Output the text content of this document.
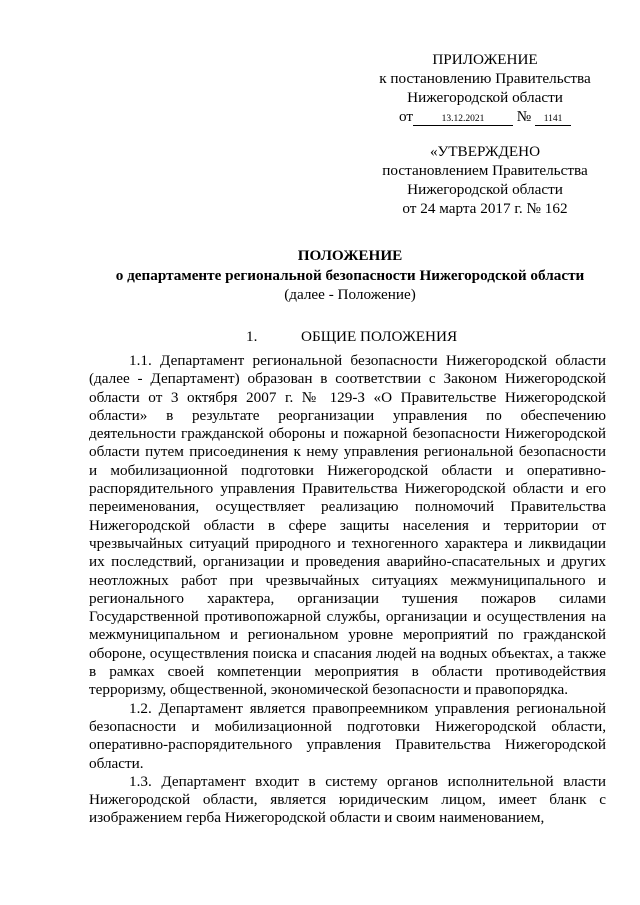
ПРИЛОЖЕНИЕ
к постановлению Правительства
Нижегородской области
от	13.12.2021 № 1141
«УТВЕРЖДЕНО
постановлением Правительства
Нижегородской области
от 24 марта 2017 г. № 162
ПОЛОЖЕНИЕ
о департаменте региональной безопасности Нижегородской области
(далее - Положение)
1.	ОБЩИЕ ПОЛОЖЕНИЯ

1.1. Департамент региональной безопасности Нижегородской области (далее - Департамент) образован в соответствии с Законом Нижегородской области от 3 октября 2007 г. № 129-З «О Правительстве Нижегородской области» в результате реорганизации управления по обеспечению деятельности гражданской обороны и пожарной безопасности Нижегородской области путем присоединения к нему управления региональной безопасности и мобилизационной подготовки Нижегородской области и оперативно-распорядительного управления Правительства Нижегородской области и его переименования, осуществляет реализацию полномочий Правительства Нижегородской области в сфере защиты населения и территории от чрезвычайных ситуаций природного и техногенного характера и ликвидации их последствий, организации и проведения аварийно-спасательных и других неотложных работ при чрезвычайных ситуациях межмуниципального и регионального характера, организации тушения пожаров силами Государственной противопожарной службы, организации и осуществления на межмуниципальном и региональном уровне мероприятий по гражданской обороне, осуществления поиска и спасания людей на водных объектах, а также в рамках своей компетенции мероприятия в области противодействия терроризму, общественной, экономической безопасности и правопорядка.

1.2. Департамент является правопреемником управления региональной безопасности и мобилизационной подготовки Нижегородской области, оперативно-распорядительного управления Правительства Нижегородской области.

1.3. Департамент входит в систему органов исполнительной власти Нижегородской области, является юридическим лицом, имеет бланк с изображением герба Нижегородской области и своим наименованием,
